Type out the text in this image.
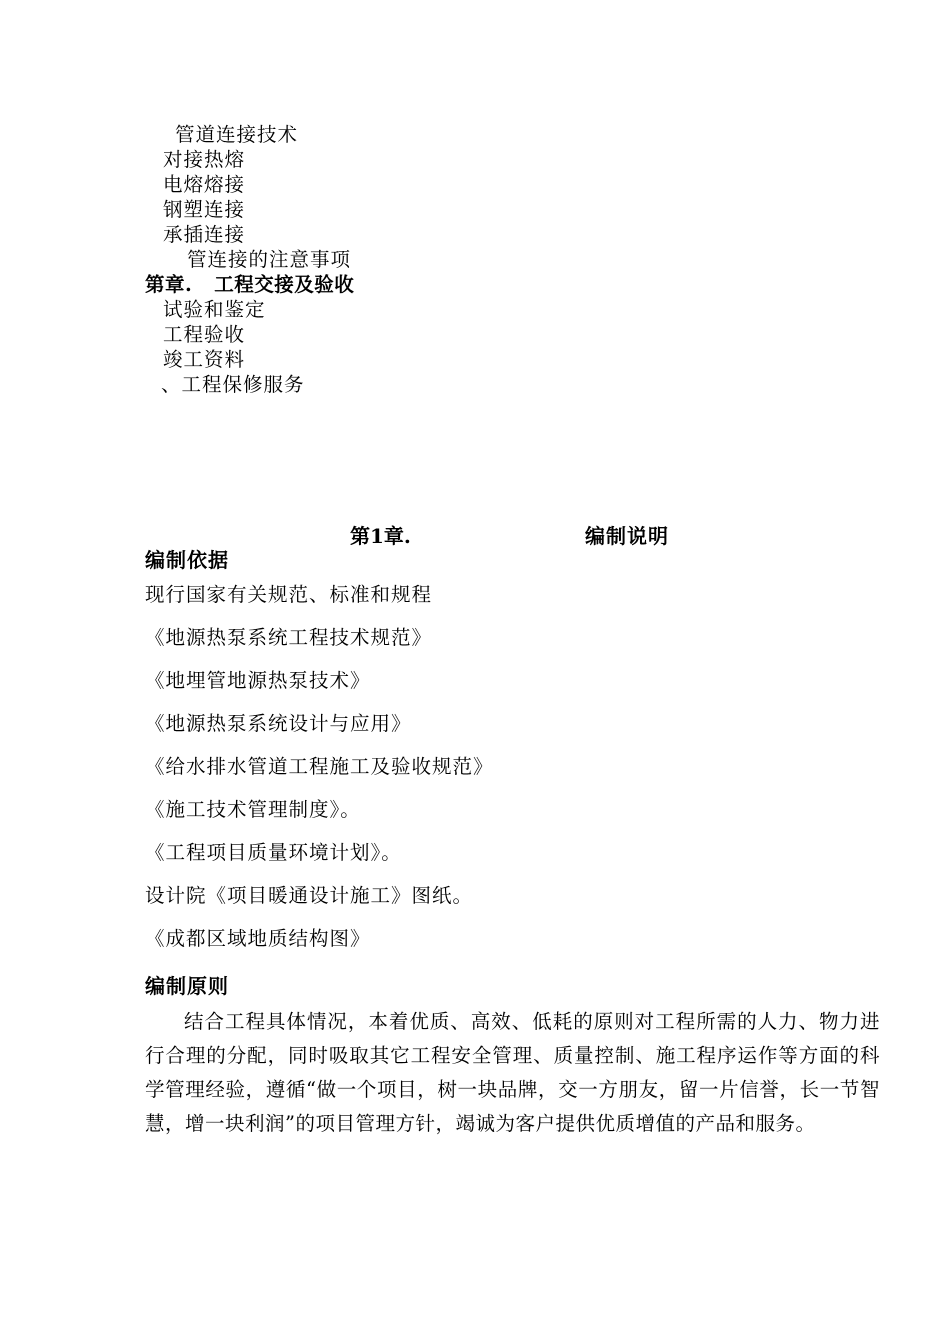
管道连接技术
对接热熔
电熔熔接
钢塑连接
承插连接
管连接的注意事项
第章. 工程交接及验收
试验和鉴定
工程验收
竣工资料
、工程保修服务
第1章.	编制说明
编制依据
现行国家有关规范、标准和规程
《地源热泵系统工程技术规范》
《地埋管地源热泵技术》
《地源热泵系统设计与应用》
《给水排水管道工程施工及验收规范》
《施工技术管理制度》。
《工程项目质量环境计划》。
设计院《项目暖通设计施工》图纸。
《成都区域地质结构图》
编制原则
结合工程具体情况，本着优质、高效、低耗的原则对工程所需的人力、物力进行合理的分配，同时吸取其它工程安全管理、质量控制、施工程序运作等方面的科学管理经验，遵循“做一个项目，树一块品牌，交一方朋友，留一片信誉，长一节智慧，增一块利润”的项目管理方针，竭诚为客户提供优质增值的产品和服务。
